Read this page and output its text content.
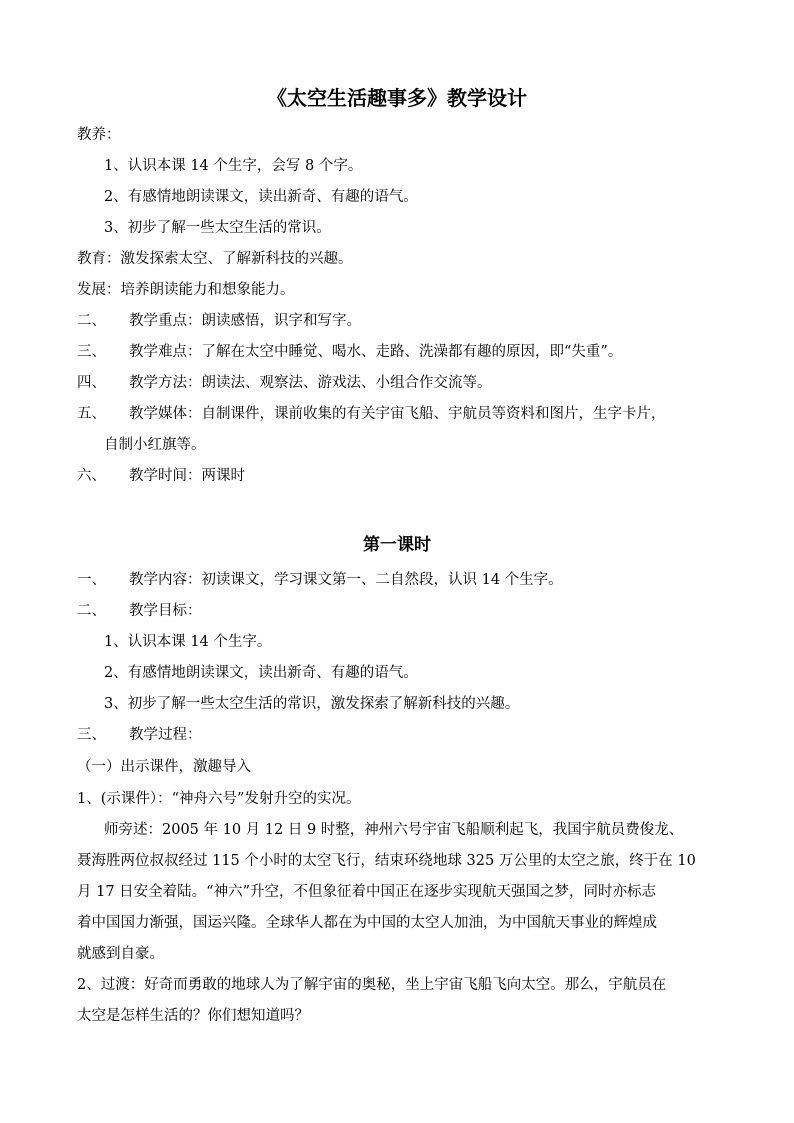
《太空生活趣事多》教学设计
教养：
1、认识本课 14 个生字，会写 8 个字。
2、有感情地朗读课文，读出新奇、有趣的语气。
3、初步了解一些太空生活的常识。
教育：激发探索太空、了解新科技的兴趣。
发展：培养朗读能力和想象能力。
二、 教学重点：朗读感悟，识字和写字。
三、 教学难点：了解在太空中睡觉、喝水、走路、洗澡都有趣的原因，即“失重”。
四、 教学方法：朗读法、观察法、游戏法、小组合作交流等。
五、 教学媒体：自制课件，课前收集的有关宇宙飞船、宇航员等资料和图片，生字卡片，
自制小红旗等。
六、 教学时间：两课时
第一课时
一、 教学内容：初读课文，学习课文第一、二自然段，认识 14 个生字。
二、 教学目标：
1、认识本课 14 个生字。
2、有感情地朗读课文，读出新奇、有趣的语气。
3、初步了解一些太空生活的常识，激发探索了解新科技的兴趣。
三、 教学过程：
（一）出示课件，激趣导入
1、(示课件）：“神舟六号”发射升空的实况。
师旁述：2005 年 10 月 12 日 9 时整，神州六号宇宙飞船顺利起飞，我国宇航员费俊龙、
聂海胜两位叔叔经过 115 个小时的太空飞行，结束环绕地球 325 万公里的太空之旅，终于在 10
月 17 日安全着陆。“神六”升空，不但象征着中国正在逐步实现航天强国之梦，同时亦标志
着中国国力渐强，国运兴隆。全球华人都在为中国的太空人加油，为中国航天事业的辉煌成
就感到自豪。
2、过渡：好奇而勇敢的地球人为了解宇宙的奥秘，坐上宇宙飞船飞向太空。那么，宇航员在
太空是怎样生活的？你们想知道吗？
